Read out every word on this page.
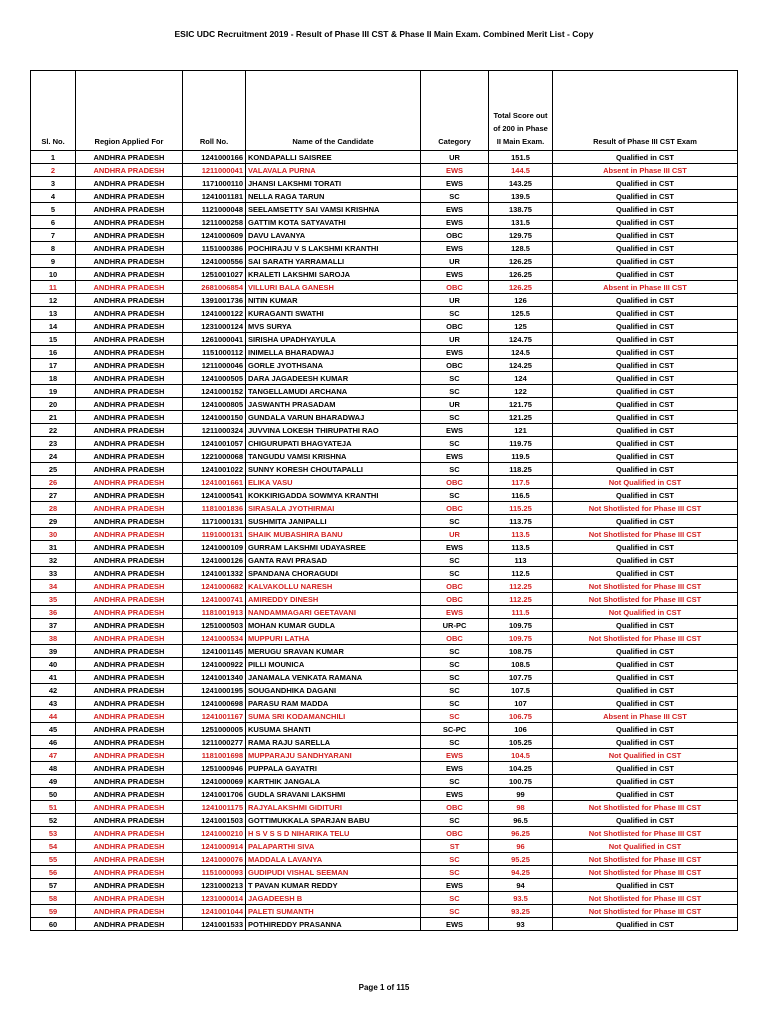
ESIC UDC Recruitment 2019 - Result of Phase III CST & Phase II Main Exam. Combined Merit List - Copy
Sl. No.	Region Applied For	Roll No.	Name of the Candidate	Category	Total Score out of 200 in Phase II Main Exam.	Result of Phase III CST Exam
1	ANDHRA PRADESH	1241000166	KONDAPALLI SAISREE	UR	151.5	Qualified in CST
2	ANDHRA PRADESH	1211000041	VALAVALA PURNA	EWS	144.5	Absent in Phase III CST
3	ANDHRA PRADESH	1171000110	JHANSI LAKSHMI TORATI	EWS	143.25	Qualified in CST
4	ANDHRA PRADESH	1241001181	NELLA RAGA TARUN	SC	139.5	Qualified in CST
5	ANDHRA PRADESH	1121000048	SEELAMSETTY SAI VAMSI KRISHNA	EWS	138.75	Qualified in CST
6	ANDHRA PRADESH	1211000258	GATTIM KOTA SATYAVATHI	EWS	131.5	Qualified in CST
7	ANDHRA PRADESH	1241000609	DAVU LAVANYA	OBC	129.75	Qualified in CST
8	ANDHRA PRADESH	1151000386	POCHIRAJU V S LAKSHMI KRANTHI	EWS	128.5	Qualified in CST
9	ANDHRA PRADESH	1241000556	SAI SARATH YARRAMALLI	UR	126.25	Qualified in CST
10	ANDHRA PRADESH	1251001027	KRALETI LAKSHMI SAROJA	EWS	126.25	Qualified in CST
11	ANDHRA PRADESH	2681006854	VILLURI BALA GANESH	OBC	126.25	Absent in Phase III CST
12	ANDHRA PRADESH	1391001736	NITIN KUMAR	UR	126	Qualified in CST
13	ANDHRA PRADESH	1241000122	KURAGANTI SWATHI	SC	125.5	Qualified in CST
14	ANDHRA PRADESH	1231000124	MVS SURYA	OBC	125	Qualified in CST
15	ANDHRA PRADESH	1261000041	SIRISHA UPADHYAYULA	UR	124.75	Qualified in CST
16	ANDHRA PRADESH	1151000112	INIMELLA BHARADWAJ	EWS	124.5	Qualified in CST
17	ANDHRA PRADESH	1211000046	GORLE JYOTHSANA	OBC	124.25	Qualified in CST
18	ANDHRA PRADESH	1241000505	DARA JAGADEESH KUMAR	SC	124	Qualified in CST
19	ANDHRA PRADESH	1241000152	TANGELLAMUDI ARCHANA	SC	122	Qualified in CST
20	ANDHRA PRADESH	1241000805	JASWANTH PRASADAM	UR	121.75	Qualified in CST
21	ANDHRA PRADESH	1241000150	GUNDALA VARUN BHARADWAJ	SC	121.25	Qualified in CST
22	ANDHRA PRADESH	1211000324	JUVVINA LOKESH THIRUPATHI RAO	EWS	121	Qualified in CST
23	ANDHRA PRADESH	1241001057	CHIGURUPATI BHAGYATEJA	SC	119.75	Qualified in CST
24	ANDHRA PRADESH	1221000068	TANGUDU VAMSI KRISHNA	EWS	119.5	Qualified in CST
25	ANDHRA PRADESH	1241001022	SUNNY KORESH CHOUTAPALLI	SC	118.25	Qualified in CST
26	ANDHRA PRADESH	1241001661	ELIKA VASU	OBC	117.5	Not Qualified in CST
27	ANDHRA PRADESH	1241000541	KOKKIRIGADDA SOWMYA KRANTHI	SC	116.5	Qualified in CST
28	ANDHRA PRADESH	1181001836	SIRASALA JYOTHIRMAI	OBC	115.25	Not Shotlisted for Phase III CST
29	ANDHRA PRADESH	1171000131	SUSHMITA JANIPALLI	SC	113.75	Qualified in CST
30	ANDHRA PRADESH	1191000131	SHAIK MUBASHIRA BANU	UR	113.5	Not Shotlisted for Phase III CST
31	ANDHRA PRADESH	1241000109	GURRAM LAKSHMI UDAYASREE	EWS	113.5	Qualified in CST
32	ANDHRA PRADESH	1241000126	GANTA RAVI PRASAD	SC	113	Qualified in CST
33	ANDHRA PRADESH	1241001332	SPANDANA CHORAGUDI	SC	112.5	Qualified in CST
34	ANDHRA PRADESH	1241000682	KALVAKOLLU NARESH	OBC	112.25	Not Shotlisted for Phase III CST
35	ANDHRA PRADESH	1241000741	AMIREDDY DINESH	OBC	112.25	Not Shotlisted for Phase III CST
36	ANDHRA PRADESH	1181001913	NANDAMMAGARI GEETAVANI	EWS	111.5	Not Qualified in CST
37	ANDHRA PRADESH	1251000503	MOHAN KUMAR GUDLA	UR-PC	109.75	Qualified in CST
38	ANDHRA PRADESH	1241000534	MUPPURI LATHA	OBC	109.75	Not Shotlisted for Phase III CST
39	ANDHRA PRADESH	1241001145	MERUGU SRAVAN KUMAR	SC	108.75	Qualified in CST
40	ANDHRA PRADESH	1241000922	PILLI MOUNICA	SC	108.5	Qualified in CST
41	ANDHRA PRADESH	1241001340	JANAMALA VENKATA RAMANA	SC	107.75	Qualified in CST
42	ANDHRA PRADESH	1241000195	SOUGANDHIKA DAGANI	SC	107.5	Qualified in CST
43	ANDHRA PRADESH	1241000698	PARASU RAM MADDA	SC	107	Qualified in CST
44	ANDHRA PRADESH	1241001167	SUMA SRI KODAMANCHILI	SC	106.75	Absent in Phase III CST
45	ANDHRA PRADESH	1251000005	KUSUMA SHANTI	SC-PC	106	Qualified in CST
46	ANDHRA PRADESH	1211000277	RAMA RAJU SARELLA	SC	105.25	Qualified in CST
47	ANDHRA PRADESH	1181001698	MUPPARAJU SANDHYARANI	EWS	104.5	Not Qualified in CST
48	ANDHRA PRADESH	1251000946	PUPPALA GAYATRI	EWS	104.25	Qualified in CST
49	ANDHRA PRADESH	1241000069	KARTHIK JANGALA	SC	100.75	Qualified in CST
50	ANDHRA PRADESH	1241001706	GUDLA SRAVANI LAKSHMI	EWS	99	Qualified in CST
51	ANDHRA PRADESH	1241001175	RAJYALAKSHMI GIDITURI	OBC	98	Not Shotlisted for Phase III CST
52	ANDHRA PRADESH	1241001503	GOTTIMUKKALA SPARJAN BABU	SC	96.5	Qualified in CST
53	ANDHRA PRADESH	1241000210	H S V S S D NIHARIKA TELU	OBC	96.25	Not Shotlisted for Phase III CST
54	ANDHRA PRADESH	1241000914	PALAPARTHI SIVA	ST	96	Not Qualified in CST
55	ANDHRA PRADESH	1241000076	MADDALA LAVANYA	SC	95.25	Not Shotlisted for Phase III CST
56	ANDHRA PRADESH	1151000093	GUDIPUDI VISHAL SEEMAN	SC	94.25	Not Shotlisted for Phase III CST
57	ANDHRA PRADESH	1231000213	T PAVAN KUMAR REDDY	EWS	94	Qualified in CST
58	ANDHRA PRADESH	1231000014	JAGADEESH B	SC	93.5	Not Shotlisted for Phase III CST
59	ANDHRA PRADESH	1241001044	PALETI SUMANTH	SC	93.25	Not Shotlisted for Phase III CST
60	ANDHRA PRADESH	1241001533	POTHIREDDY PRASANNA	EWS	93	Qualified in CST
Page 1 of 115
